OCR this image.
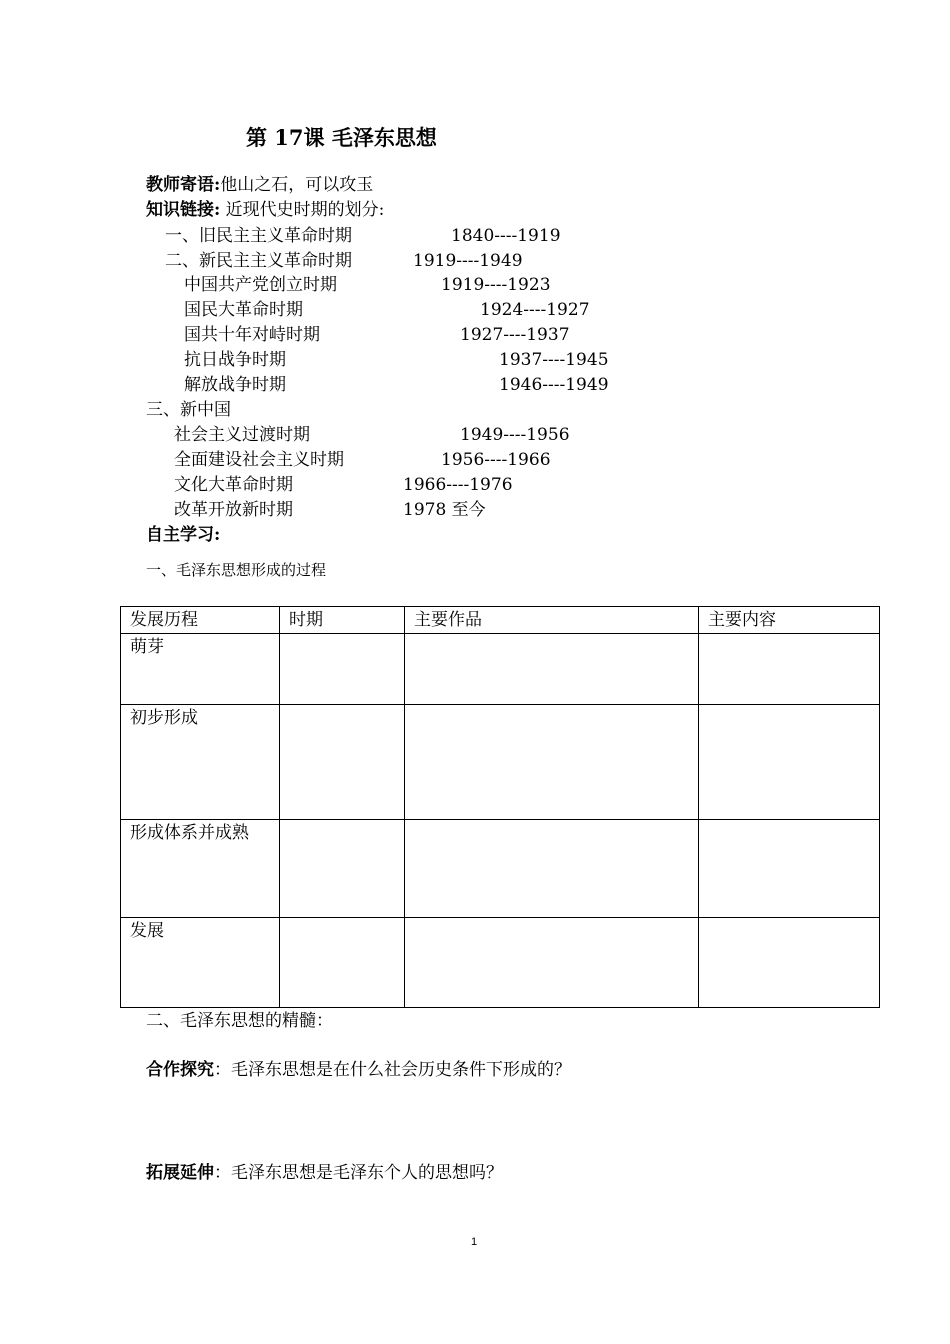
第 17课 毛泽东思想
教师寄语:他山之石，可以攻玉
知识链接: 近现代史时期的划分:
一、旧民主主义革命时期	1840----1919
二、新民主主义革命时期	1919----1949
中国共产党创立时期	1919----1923
国民大革命时期	1924----1927
国共十年对峙时期	1927----1937
抗日战争时期	1937----1945
解放战争时期	1946----1949
三、新中国
社会主义过渡时期	1949----1956
全面建设社会主义时期	1956----1966
文化大革命时期	1966----1976
改革开放新时期	1978 至今
自主学习:
一、毛泽东思想形成的过程
发展历程	时期	主要作品	主要内容
萌芽			
初步形成			
形成体系并成熟			
发展			
二、毛泽东思想的精髓：
合作探究：毛泽东思想是在什么社会历史条件下形成的？
拓展延伸：毛泽东思想是毛泽东个人的思想吗？
1
